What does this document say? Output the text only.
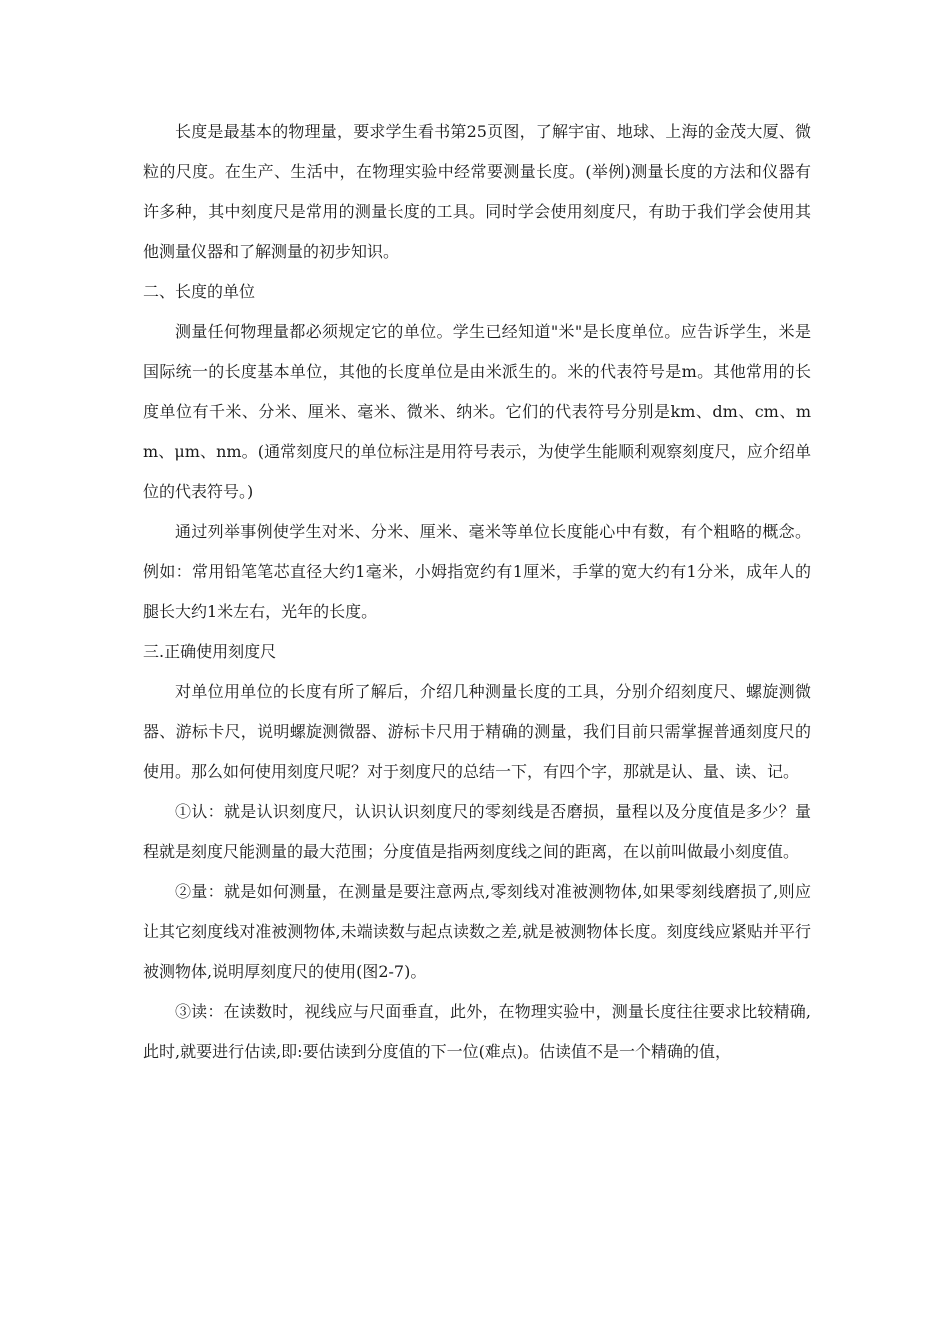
长度是最基本的物理量，要求学生看书第25页图，了解宇宙、地球、上海的金茂大厦、微粒的尺度。在生产、生活中，在物理实验中经常要测量长度。(举例)测量长度的方法和仪器有许多种，其中刻度尺是常用的测量长度的工具。同时学会使用刻度尺，有助于我们学会使用其他测量仪器和了解测量的初步知识。

二、长度的单位

测量任何物理量都必须规定它的单位。学生已经知道"米"是长度单位。应告诉学生，米是国际统一的长度基本单位，其他的长度单位是由米派生的。米的代表符号是m。其他常用的长度单位有千米、分米、厘米、毫米、微米、纳米。它们的代表符号分别是km、dm、cm、mm、μm、nm。(通常刻度尺的单位标注是用符号表示，为使学生能顺利观察刻度尺，应介绍单位的代表符号。)

通过列举事例使学生对米、分米、厘米、毫米等单位长度能心中有数，有个粗略的概念。例如：常用铅笔笔芯直径大约1毫米，小姆指宽约有1厘米，手掌的宽大约有1分米，成年人的腿长大约1米左右，光年的长度。

三.正确使用刻度尺

对单位用单位的长度有所了解后，介绍几种测量长度的工具，分别介绍刻度尺、螺旋测微器、游标卡尺，说明螺旋测微器、游标卡尺用于精确的测量，我们目前只需掌握普通刻度尺的使用。那么如何使用刻度尺呢？对于刻度尺的总结一下，有四个字，那就是认、量、读、记。

①认：就是认识刻度尺，认识认识刻度尺的零刻线是否磨损，量程以及分度值是多少？量程就是刻度尺能测量的最大范围；分度值是指两刻度线之间的距离，在以前叫做最小刻度值。

②量：就是如何测量，在测量是要注意两点,零刻线对准被测物体,如果零刻线磨损了,则应让其它刻度线对准被测物体,未端读数与起点读数之差,就是被测物体长度。刻度线应紧贴并平行被测物体,说明厚刻度尺的使用(图2-7)。

③读：在读数时，视线应与尺面垂直，此外，在物理实验中，测量长度往往要求比较精确,此时,就要进行估读,即:要估读到分度值的下一位(难点)。估读值不是一个精确的值，
